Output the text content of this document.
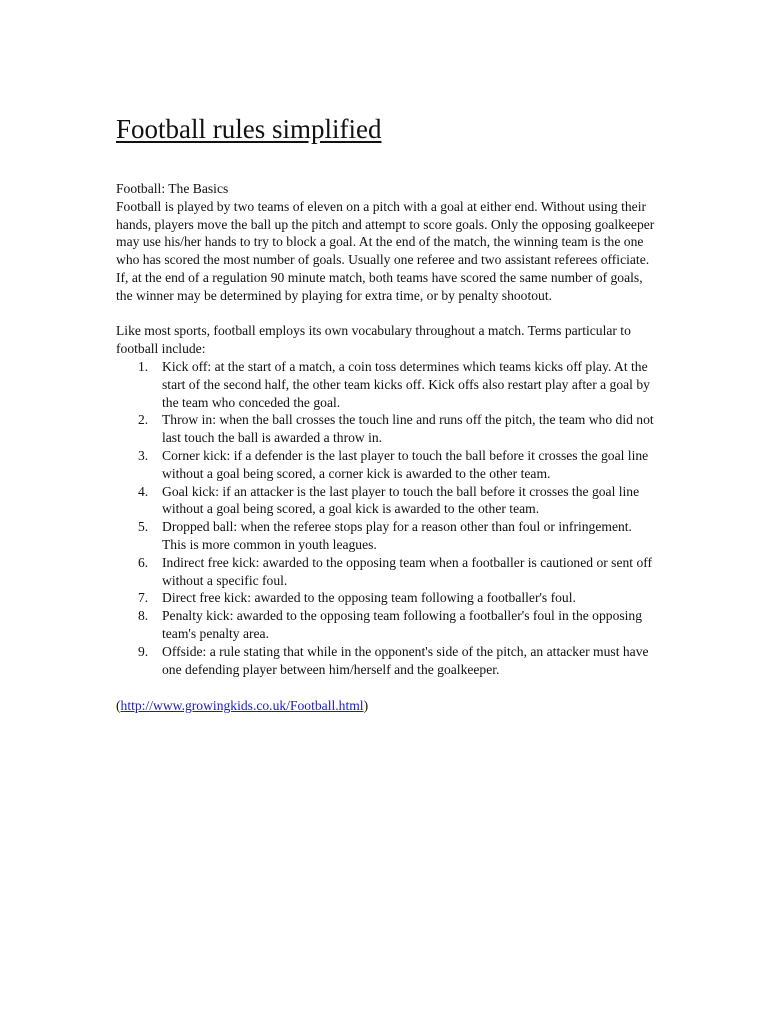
Football rules simplified
Football: The Basics

Football is played by two teams of eleven on a pitch with a goal at either end. Without using their hands, players move the ball up the pitch and attempt to score goals. Only the opposing goalkeeper may use his/her hands to try to block a goal. At the end of the match, the winning team is the one who has scored the most number of goals. Usually one referee and two assistant referees officiate. If, at the end of a regulation 90 minute match, both teams have scored the same number of goals, the winner may be determined by playing for extra time, or by penalty shootout.

Like most sports, football employs its own vocabulary throughout a match. Terms particular to football include:

1. Kick off: at the start of a match, a coin toss determines which teams kicks off play. At the start of the second half, the other team kicks off. Kick offs also restart play after a goal by the team who conceded the goal.
2. Throw in: when the ball crosses the touch line and runs off the pitch, the team who did not last touch the ball is awarded a throw in.
3. Corner kick: if a defender is the last player to touch the ball before it crosses the goal line without a goal being scored, a corner kick is awarded to the other team.
4. Goal kick: if an attacker is the last player to touch the ball before it crosses the goal line without a goal being scored, a goal kick is awarded to the other team.
5. Dropped ball: when the referee stops play for a reason other than foul or infringement. This is more common in youth leagues.
6. Indirect free kick: awarded to the opposing team when a footballer is cautioned or sent off without a specific foul.
7. Direct free kick: awarded to the opposing team following a footballer's foul.
8. Penalty kick: awarded to the opposing team following a footballer's foul in the opposing team's penalty area.
9. Offside: a rule stating that while in the opponent's side of the pitch, an attacker must have one defending player between him/herself and the goalkeeper.
(http://www.growingkids.co.uk/Football.html)
